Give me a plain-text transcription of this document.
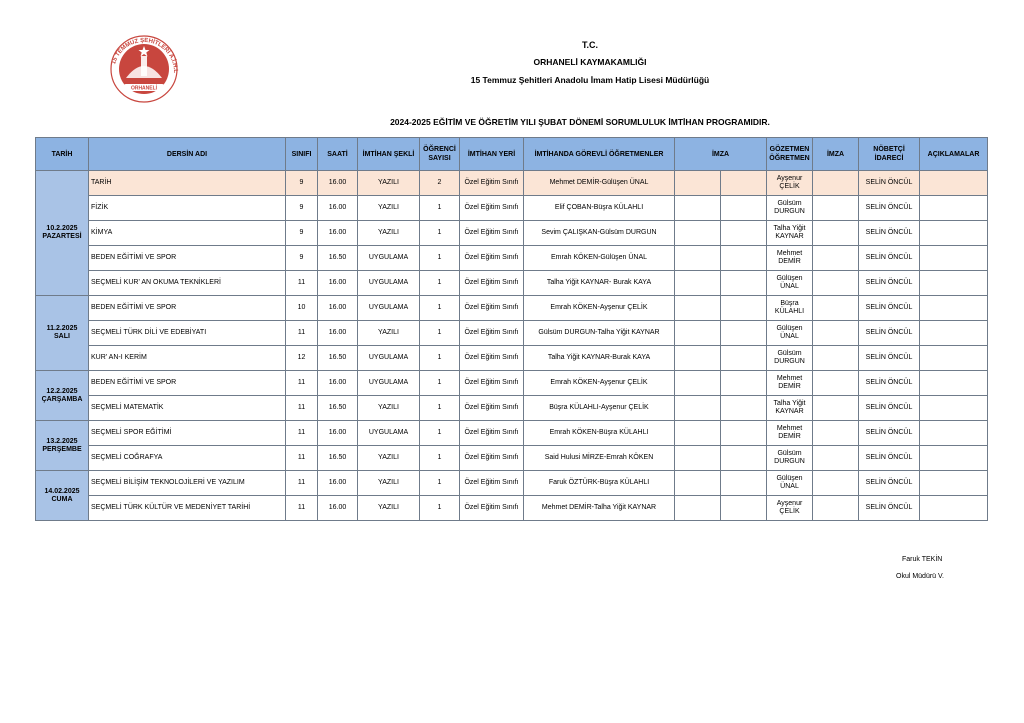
15 TEMMUZ ŞEHİTLERİ A.İ.H.L
ORHANELİ
T.C.
ORHANELİ KAYMAKAMLIĞI
15 Temmuz Şehitleri Anadolu İmam Hatip Lisesi Müdürlüğü
2024-2025 EĞİTİM VE ÖĞRETİM YILI ŞUBAT DÖNEMİ SORUMLULUK İMTİHAN PROGRAMIDIR.
TARİH	DERSİN ADI	SINIFI	SAATİ	İMTİHAN ŞEKLİ	ÖĞRENCİ SAYISI	İMTİHAN YERİ	İMTİHANDA GÖREVLİ ÖĞRETMENLER	İMZA		GÖZETMEN ÖĞRETMEN	İMZA	NÖBETÇİ İDARECİ	AÇIKLAMALAR

10.2.2025
PAZARTESİ	TARİH	9	16.00	YAZILI	2	Özel Eğitim Sınıfı	Mehmet DEMİR-Gülüşen ÜNAL			Ayşenur ÇELİK		SELİN ÖNCÜL	
	FİZİK	9	16.00	YAZILI	1	Özel Eğitim Sınıfı	Elif ÇOBAN-Büşra KÜLAHLI			Gülsüm DURGUN		SELİN ÖNCÜL	
	KİMYA	9	16.00	YAZILI	1	Özel Eğitim Sınıfı	Sevim ÇALIŞKAN-Gülsüm DURGUN			Talha Yiğit KAYNAR		SELİN ÖNCÜL	
	BEDEN EĞİTİMİ VE SPOR	9	16.50	UYGULAMA	1	Özel Eğitim Sınıfı	Emrah KÖKEN-Gülüşen ÜNAL			Mehmet DEMİR		SELİN ÖNCÜL	
	SEÇMELİ KUR' AN OKUMA TEKNİKLERİ	11	16.00	UYGULAMA	1	Özel Eğitim Sınıfı	Talha Yiğit KAYNAR- Burak KAYA			Gülüşen ÜNAL		SELİN ÖNCÜL	

11.2.2025
SALI	BEDEN EĞİTİMİ VE SPOR	10	16.00	UYGULAMA	1	Özel Eğitim Sınıfı	Emrah KÖKEN-Ayşenur ÇELİK			Büşra KÜLAHLI		SELİN ÖNCÜL	
	SEÇMELİ TÜRK DİLİ VE EDEBİYATI	11	16.00	YAZILI	1	Özel Eğitim Sınıfı	Gülsüm DURGUN-Talha Yiğit KAYNAR			Gülüşen ÜNAL		SELİN ÖNCÜL	
	KUR' AN-I KERİM	12	16.50	UYGULAMA	1	Özel Eğitim Sınıfı	Talha Yiğit KAYNAR-Burak KAYA			Gülsüm DURGUN		SELİN ÖNCÜL	

12.2.2025
ÇARŞAMBA	BEDEN EĞİTİMİ VE SPOR	11	16.00	UYGULAMA	1	Özel Eğitim Sınıfı	Emrah KÖKEN-Ayşenur ÇELİK			Mehmet DEMİR		SELİN ÖNCÜL	
	SEÇMELİ MATEMATİK	11	16.50	YAZILI	1	Özel Eğitim Sınıfı	Büşra KÜLAHLI-Ayşenur ÇELİK			Talha Yiğit KAYNAR		SELİN ÖNCÜL	

13.2.2025
PERŞEMBE	SEÇMELİ SPOR EĞİTİMİ	11	16.00	UYGULAMA	1	Özel Eğitim Sınıfı	Emrah KÖKEN-Büşra KÜLAHLI			Mehmet DEMİR		SELİN ÖNCÜL	
	SEÇMELİ COĞRAFYA	11	16.50	YAZILI	1	Özel Eğitim Sınıfı	Said Hulusi MİRZE-Emrah KÖKEN			Gülsüm DURGUN		SELİN ÖNCÜL	

14.02.2025
CUMA	SEÇMELİ BİLİŞİM TEKNOLOJİLERİ VE YAZILIM	11	16.00	YAZILI	1	Özel Eğitim Sınıfı	Faruk ÖZTÜRK-Büşra KÜLAHLI			Gülüşen ÜNAL		SELİN ÖNCÜL	
	SEÇMELİ TÜRK KÜLTÜR VE MEDENİYET TARİHİ	11	16.00	YAZILI	1	Özel Eğitim Sınıfı	Mehmet DEMİR-Talha Yiğit KAYNAR			Ayşenur ÇELİK		SELİN ÖNCÜL	
Faruk TEKİN
Okul Müdürü V.
